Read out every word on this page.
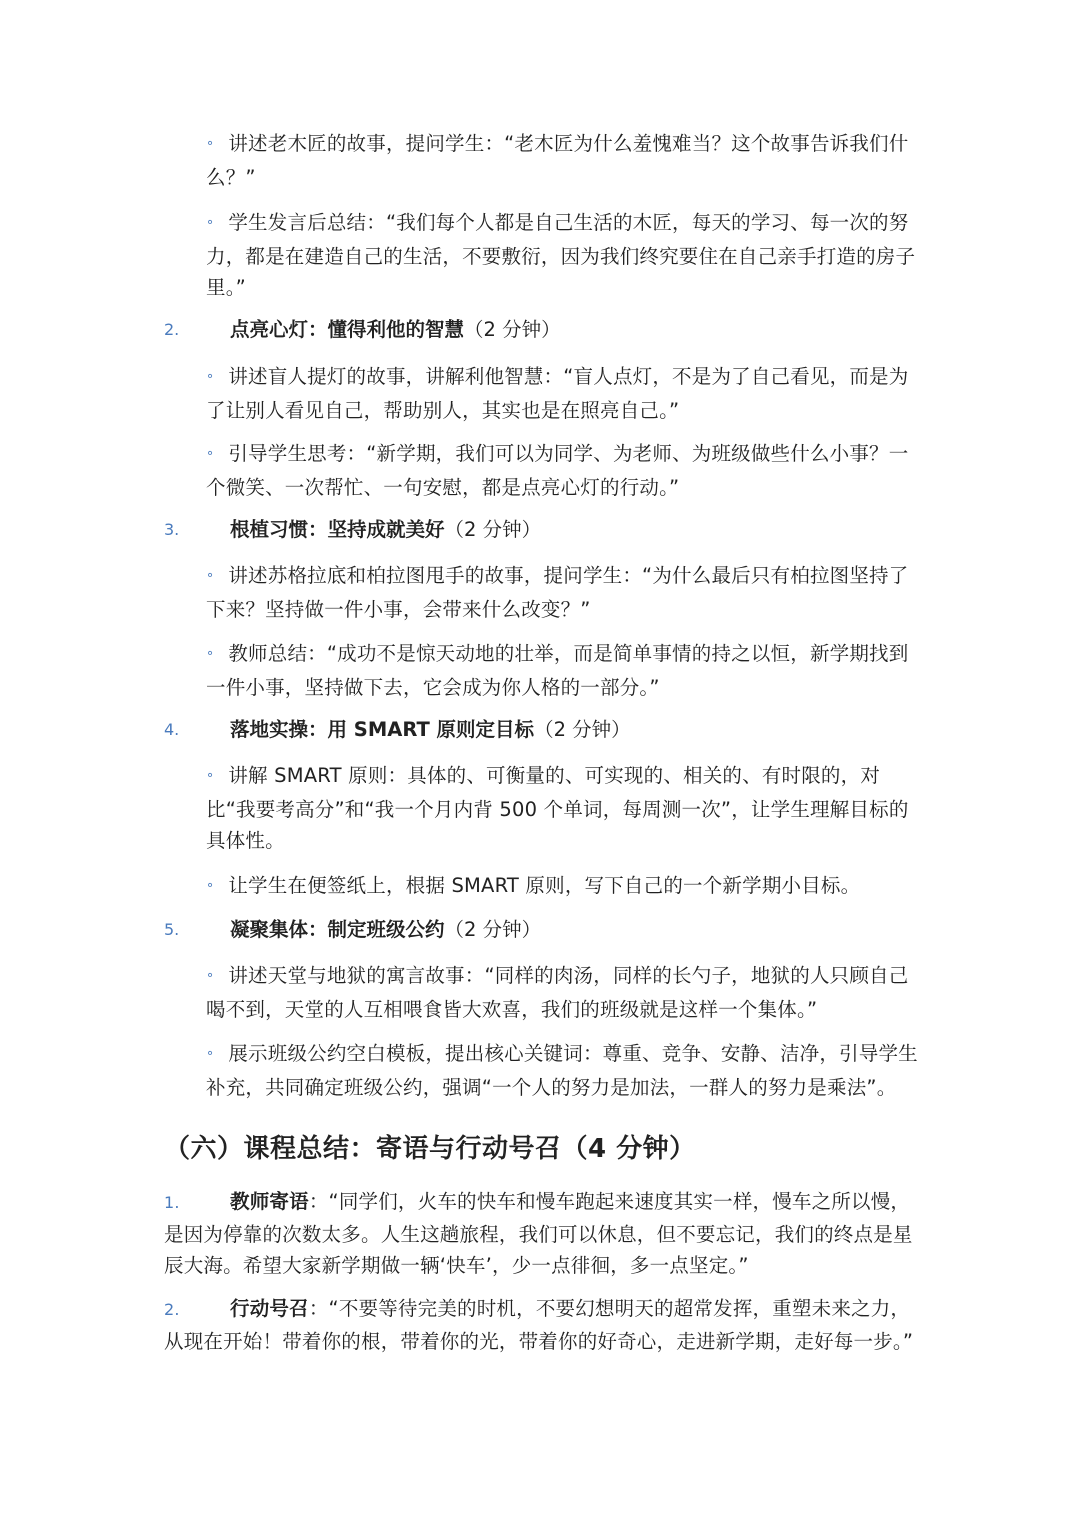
∘ 讲述老木匠的故事，提问学生：“老木匠为什么羞愧难当？这个故事告诉我们什么？”
∘ 学生发言后总结：“我们每个人都是自己生活的木匠，每天的学习、每一次的努力，都是在建造自己的生活，不要敷衍，因为我们终究要住在自己亲手打造的房子里。”
2.	点亮心灯：懂得利他的智慧（2 分钟）
∘ 讲述盲人提灯的故事，讲解利他智慧：“盲人点灯，不是为了自己看见，而是为了让别人看见自己，帮助别人，其实也是在照亮自己。”
∘ 引导学生思考：“新学期，我们可以为同学、为老师、为班级做些什么小事？一个微笑、一次帮忙、一句安慰，都是点亮心灯的行动。”
3.	根植习惯：坚持成就美好（2 分钟）
∘ 讲述苏格拉底和柏拉图甩手的故事，提问学生：“为什么最后只有柏拉图坚持了下来？坚持做一件小事，会带来什么改变？”
∘ 教师总结：“成功不是惊天动地的壮举，而是简单事情的持之以恒，新学期找到一件小事，坚持做下去，它会成为你人格的一部分。”
4.	落地实操：用 SMART 原则定目标（2 分钟）
∘ 讲解 SMART 原则：具体的、可衡量的、可实现的、相关的、有时限的，对比“我要考高分”和“我一个月内背 500 个单词，每周测一次”，让学生理解目标的具体性。
∘ 让学生在便签纸上，根据 SMART 原则，写下自己的一个新学期小目标。
5.	凝聚集体：制定班级公约（2 分钟）
∘ 讲述天堂与地狱的寓言故事：“同样的肉汤，同样的长勺子，地狱的人只顾自己喝不到，天堂的人互相喂食皆大欢喜，我们的班级就是这样一个集体。”
∘ 展示班级公约空白模板，提出核心关键词：尊重、竞争、安静、洁净，引导学生补充，共同确定班级公约，强调“一个人的努力是加法，一群人的努力是乘法”。
（六）课程总结：寄语与行动号召（4 分钟）
1.	教师寄语：“同学们，火车的快车和慢车跑起来速度其实一样，慢车之所以慢，是因为停靠的次数太多。人生这趟旅程，我们可以休息，但不要忘记，我们的终点是星辰大海。希望大家新学期做一辆‘快车’，少一点徘徊，多一点坚定。”
2.	行动号召：“不要等待完美的时机，不要幻想明天的超常发挥，重塑未来之力，从现在开始！带着你的根，带着你的光，带着你的好奇心，走进新学期，走好每一步。”
